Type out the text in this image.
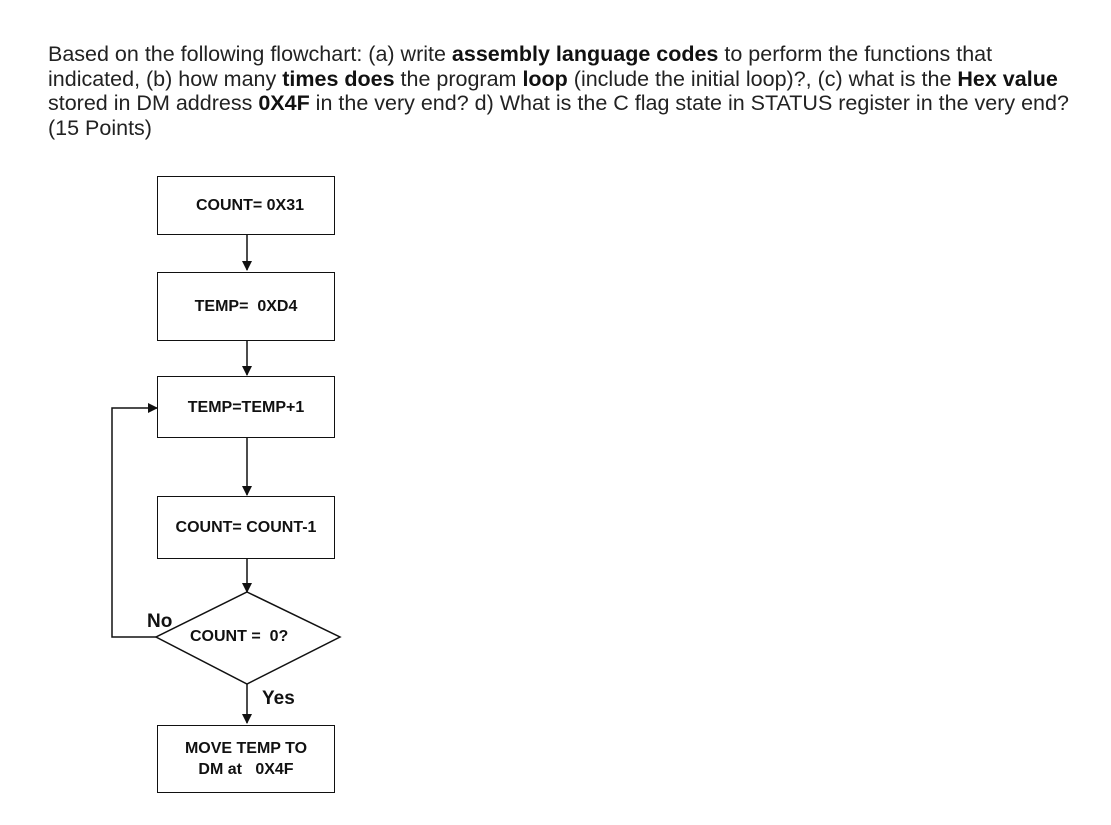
Based on the following flowchart: (a) write assembly language codes to perform the functions that indicated, (b) how many times does the program loop (include the initial loop)?, (c) what is the Hex value stored in DM address 0X4F in the very end? d) What is the C flag state in STATUS register in the very end? (15 Points)
COUNT= 0X31
TEMP=  0XD4
TEMP=TEMP+1
COUNT= COUNT-1
COUNT =  0?
No
Yes
MOVE TEMP TO
DM at   0X4F
